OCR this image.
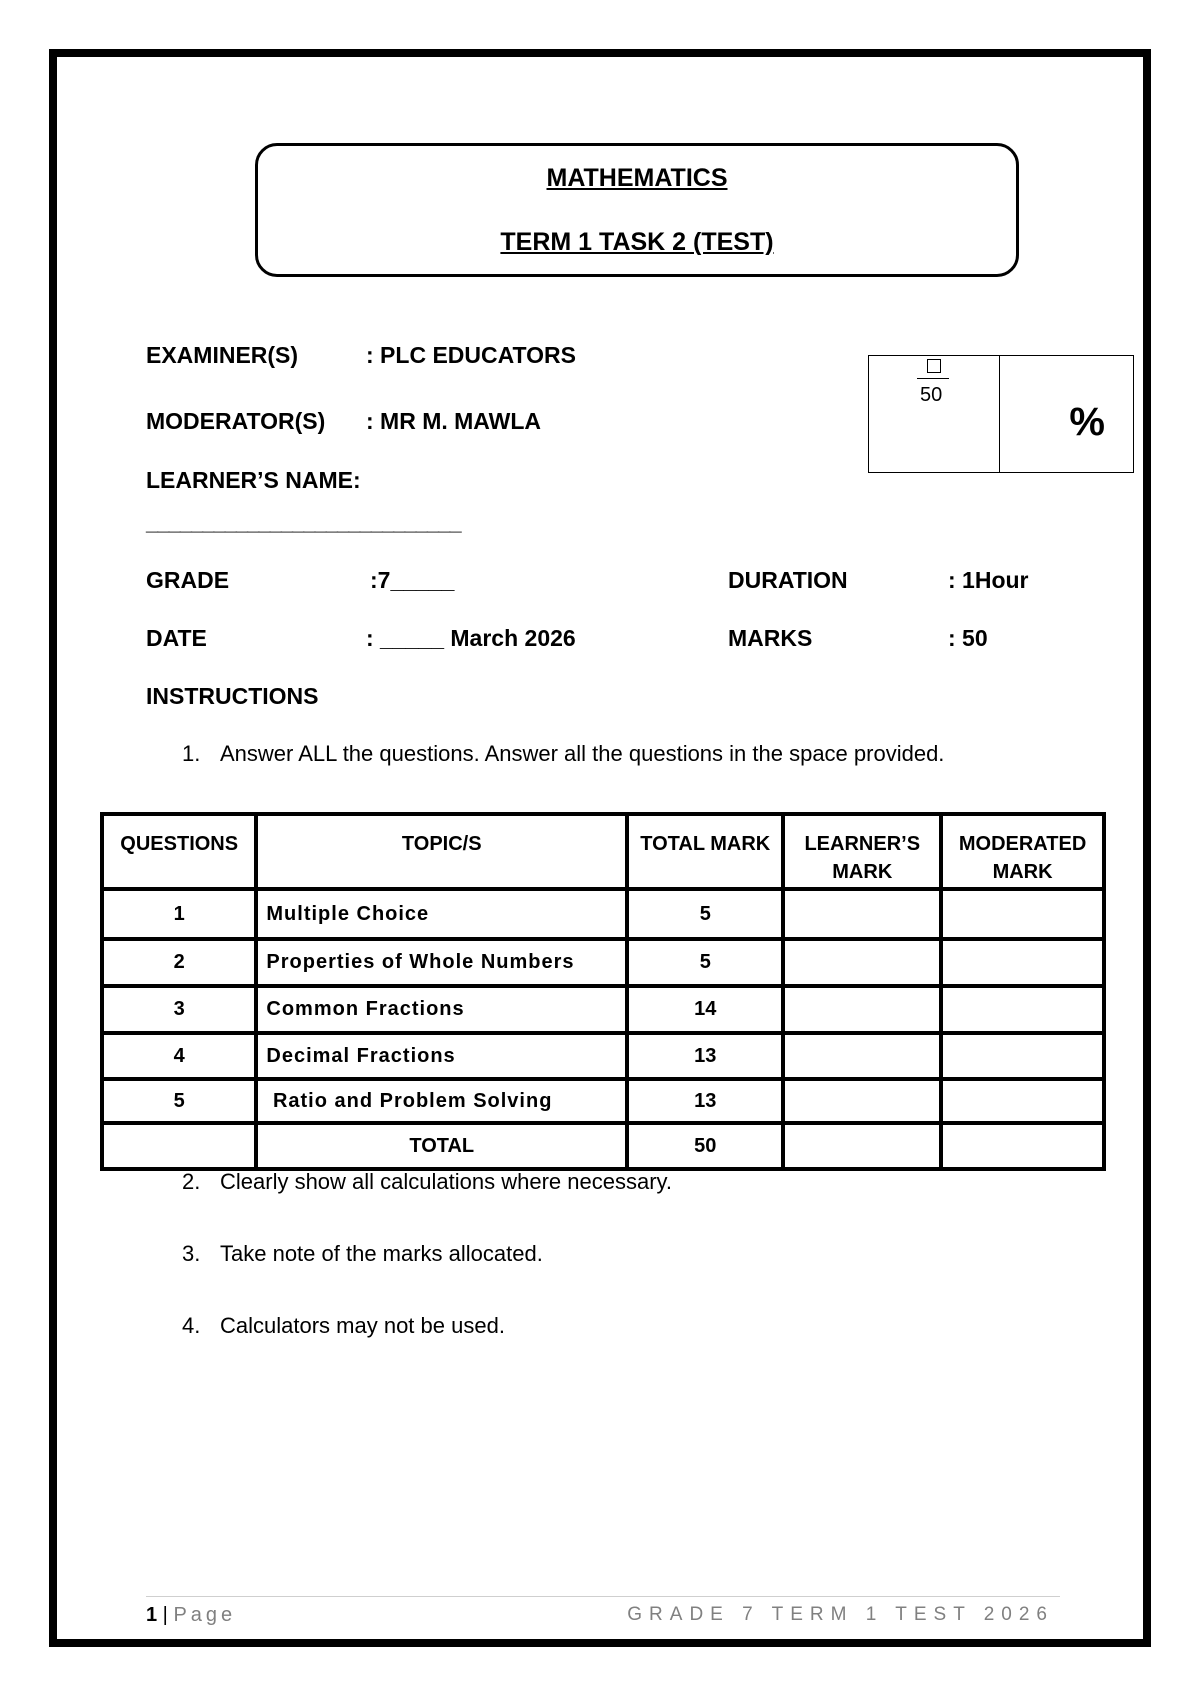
MATHEMATICS
TERM 1 TASK 2 (TEST)
EXAMINER(S)	: PLC EDUCATORS
MODERATOR(S) : MR M. MAWLA
LEARNER’S NAME:
____________________________
GRADE	:7_____	DURATION	: 1Hour
DATE	: _____ March 2026	MARKS	: 50
50
%
INSTRUCTIONS
1. Answer ALL the questions. Answer all the questions in the space provided.
QUESTIONS	TOPIC/S	TOTAL MARK	LEARNER’S MARK	MODERATED MARK
1	Multiple Choice	5		
2	Properties of Whole Numbers	5		
3	Common Fractions	14		
4	Decimal Fractions	13		
5	Ratio and Problem Solving	13		
	TOTAL	50		
2. Clearly show all calculations where necessary.
3. Take note of the marks allocated.
4. Calculators may not be used.
1 | Page	GRADE 7 TERM 1 TEST 2026
